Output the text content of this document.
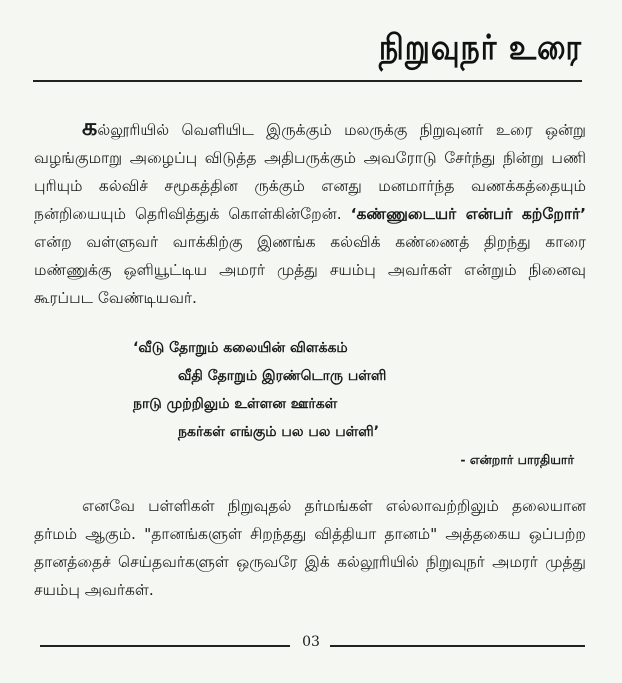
நிறுவுநர் உரை

கல்லூரியில் வெளியிட இருக்கும் மலருக்கு நிறுவுனர் உரை ஒன்று வழங்குமாறு அழைப்பு விடுத்த அதிபருக்கும் அவரோடு சேர்ந்து நின்று பணி புரியும் கல்விச் சமூகத்தின ருக்கும் எனது மனமார்ந்த வணக்கத்தையும் நன்றியையும் தெரிவித்துக் கொள்கின்றேன். ‘கண்ணுடையர் என்பர் கற்றோர்’ என்ற வள்ளுவர் வாக்கிற்கு இணங்க கல்விக் கண்ணைத் திறந்து காரை மண்ணுக்கு ஒளியூட்டிய அமரர் முத்து சயம்பு அவர்கள் என்றும் நினைவு கூரப்பட வேண்டியவர்.

‘வீடு தோறும் கலையின் விளக்கம்
வீதி தோறும் இரண்டொரு பள்ளி
நாடு முற்றிலும் உள்ளன ஊர்கள்
நகர்கள் எங்கும் பல பல பள்ளி’
- என்றார் பாரதியார்

எனவே பள்ளிகள் நிறுவுதல் தர்மங்கள் எல்லாவற்றிலும் தலையான தர்மம் ஆகும். "தானங்களுள் சிறந்தது வித்தியா தானம்" அத்தகைய ஒப்பற்ற தானத்தைச் செய்தவர்களுள் ஒருவரே இக் கல்லூரியில் நிறுவுநர் அமரர் முத்து சயம்பு அவர்கள்.

03
